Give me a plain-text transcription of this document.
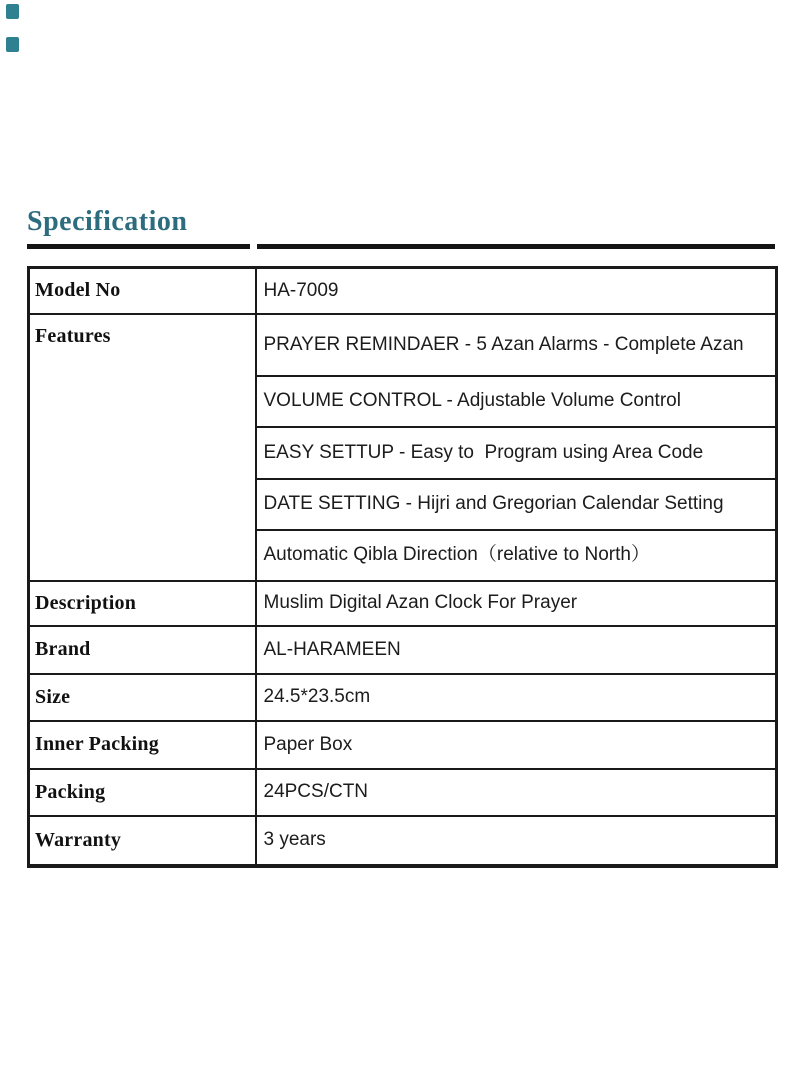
Specification
Model No	HA-7009
Features	PRAYER REMINDAER - 5 Azan Alarms - Complete Azan
	VOLUME CONTROL - Adjustable Volume Control
	EASY SETTUP - Easy to  Program using Area Code
	DATE SETTING - Hijri and Gregorian Calendar Setting
	Automatic Qibla Direction（relative to North）
Description	Muslim Digital Azan Clock For Prayer
Brand	AL-HARAMEEN
Size	24.5*23.5cm
Inner Packing	Paper Box
Packing	24PCS/CTN
Warranty	3 years
